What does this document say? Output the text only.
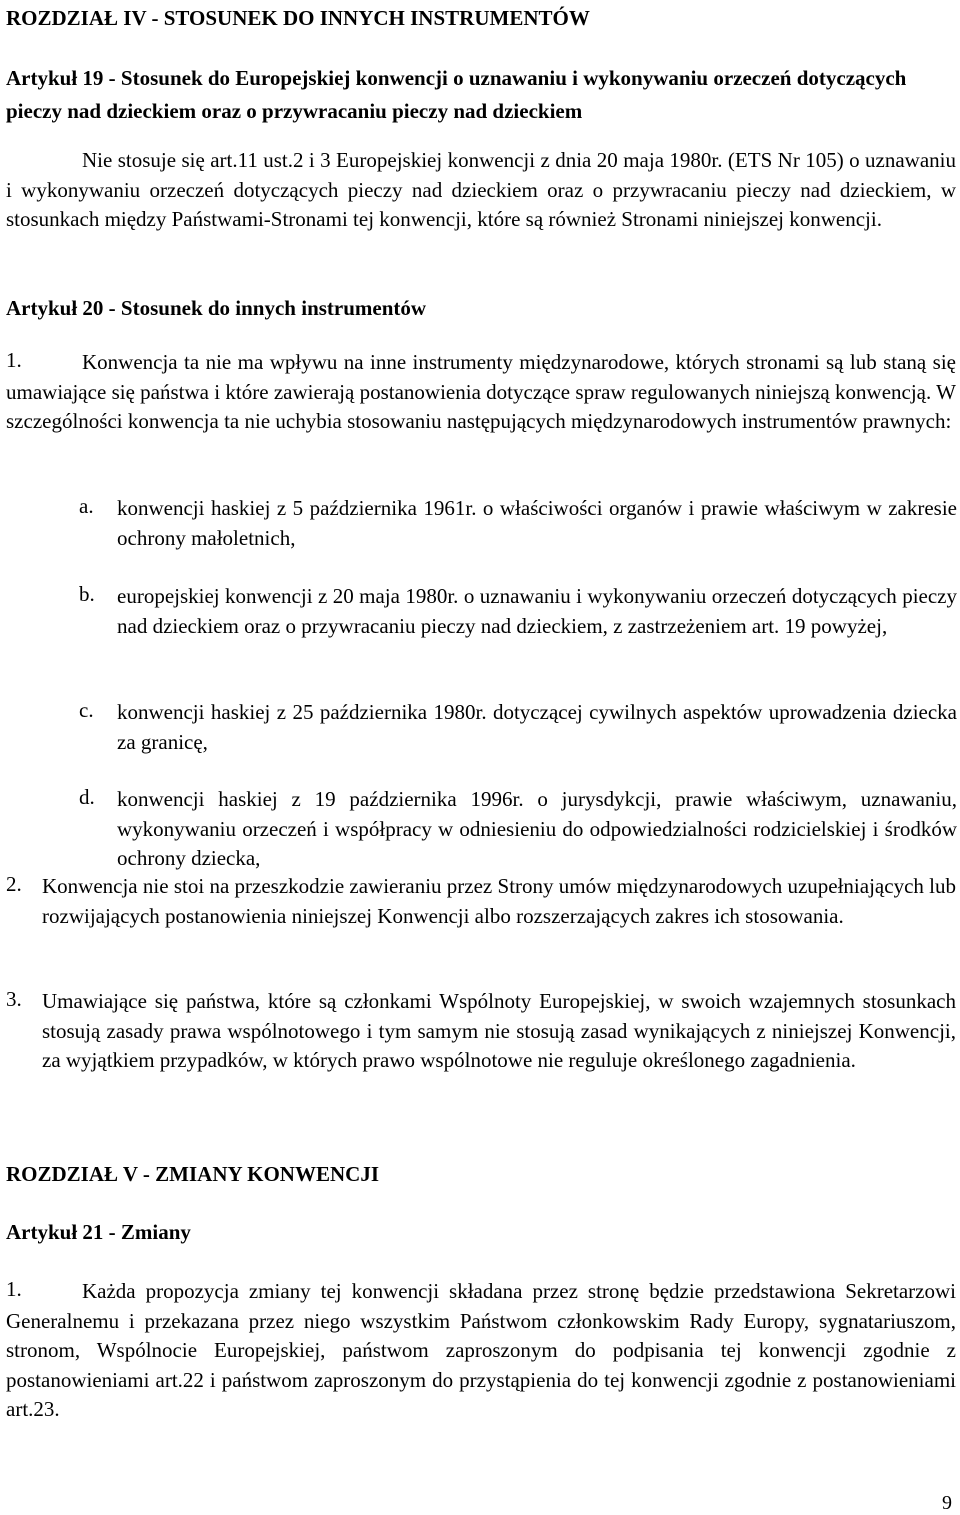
ROZDZIAŁ IV - STOSUNEK DO INNYCH INSTRUMENTÓW
Artykuł 19 - Stosunek do Europejskiej konwencji o uznawaniu i wykonywaniu orzeczeń dotyczących pieczy nad dzieckiem oraz o przywracaniu pieczy nad dzieckiem
Nie stosuje się art.11 ust.2 i 3 Europejskiej konwencji z dnia 20 maja 1980r. (ETS Nr 105) o uznawaniu i wykonywaniu orzeczeń dotyczących pieczy nad dzieckiem oraz o przywracaniu pieczy nad dzieckiem, w stosunkach między Państwami-Stronami tej konwencji, które są również Stronami niniejszej konwencji.
Artykuł 20 - Stosunek do innych instrumentów
Konwencja ta nie ma wpływu na inne instrumenty międzynarodowe, których stronami są lub staną się umawiające się państwa i które zawierają postanowienia dotyczące spraw regulowanych niniejszą konwencją. W szczególności konwencja ta nie uchybia stosowaniu następujących międzynarodowych instrumentów prawnych:
1.
a. konwencji haskiej z 5 października 1961r. o właściwości organów i prawie właściwym w zakresie ochrony małoletnich,
b. europejskiej konwencji z 20 maja 1980r. o uznawaniu i wykonywaniu orzeczeń dotyczących pieczy nad dzieckiem oraz o przywracaniu pieczy nad dzieckiem, z zastrzeżeniem art. 19 powyżej,
c. konwencji haskiej z 25 października 1980r. dotyczącej cywilnych aspektów uprowadzenia dziecka za granicę,
d. konwencji haskiej z 19 października 1996r. o jurysdykcji, prawie właściwym, uznawaniu, wykonywaniu orzeczeń i współpracy w odniesieniu do odpowiedzialności rodzicielskiej i środków ochrony dziecka,
2. Konwencja nie stoi na przeszkodzie zawieraniu przez Strony umów międzynarodowych uzupełniających lub rozwijających postanowienia niniejszej Konwencji albo rozszerzających zakres ich stosowania.
3. Umawiające się państwa, które są członkami Wspólnoty Europejskiej, w swoich wzajemnych stosunkach stosują zasady prawa wspólnotowego i tym samym nie stosują zasad wynikających z niniejszej Konwencji, za wyjątkiem przypadków, w których prawo wspólnotowe nie reguluje określonego zagadnienia.
ROZDZIAŁ V - ZMIANY KONWENCJI
Artykuł 21 - Zmiany
Każda propozycja zmiany tej konwencji składana przez stronę będzie przedstawiona Sekretarzowi Generalnemu i przekazana przez niego wszystkim Państwom członkowskim Rady Europy, sygnatariuszom, stronom, Wspólnocie Europejskiej, państwom zaproszonym do podpisania tej konwencji zgodnie z postanowieniami art.22 i państwom zaproszonym do przystąpienia do tej konwencji zgodnie z postanowieniami art.23.
1.
9
